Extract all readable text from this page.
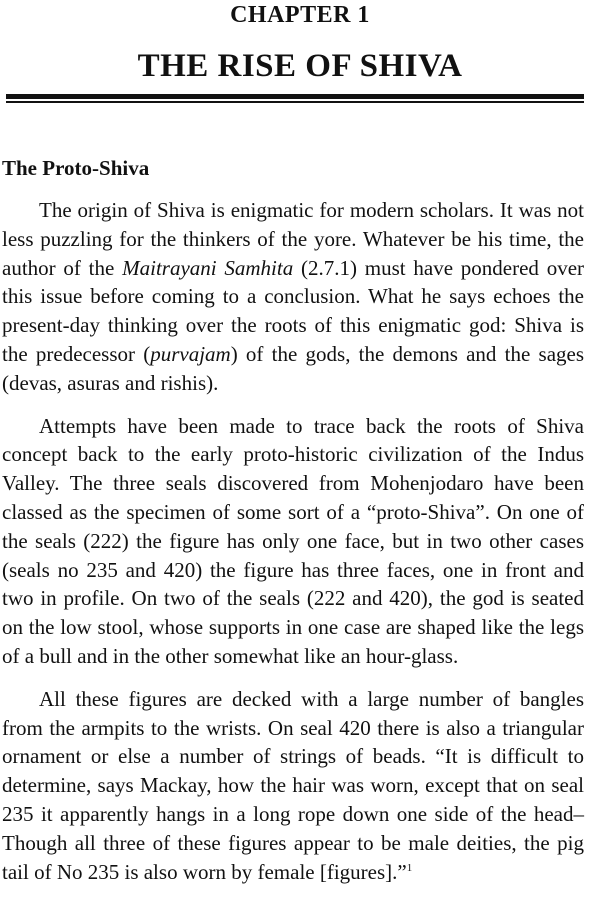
CHAPTER 1
THE RISE OF SHIVA
The Proto-Shiva

The origin of Shiva is enigmatic for modern scholars. It was not less puzzling for the thinkers of the yore. Whatever be his time, the author of the Maitrayani Samhita (2.7.1) must have pondered over this issue before coming to a conclusion. What he says echoes the present-day thinking over the roots of this enigmatic god: Shiva is the predecessor (purvajam) of the gods, the demons and the sages (devas, asuras and rishis).

Attempts have been made to trace back the roots of Shiva concept back to the early proto-historic civilization of the Indus Valley. The three seals discovered from Mohenjodaro have been classed as the specimen of some sort of a “proto-Shiva”. On one of the seals (222) the figure has only one face, but in two other cases (seals no 235 and 420) the figure has three faces, one in front and two in profile. On two of the seals (222 and 420), the god is seated on the low stool, whose supports in one case are shaped like the legs of a bull and in the other somewhat like an hour-glass.

All these figures are decked with a large number of bangles from the armpits to the wrists. On seal 420 there is also a triangular ornament or else a number of strings of beads. “It is difficult to determine, says Mackay, how the hair was worn, except that on seal 235 it apparently hangs in a long rope down one side of the head–Though all three of these figures appear to be male deities, the pig tail of No 235 is also worn by female [figures].”$^1$
